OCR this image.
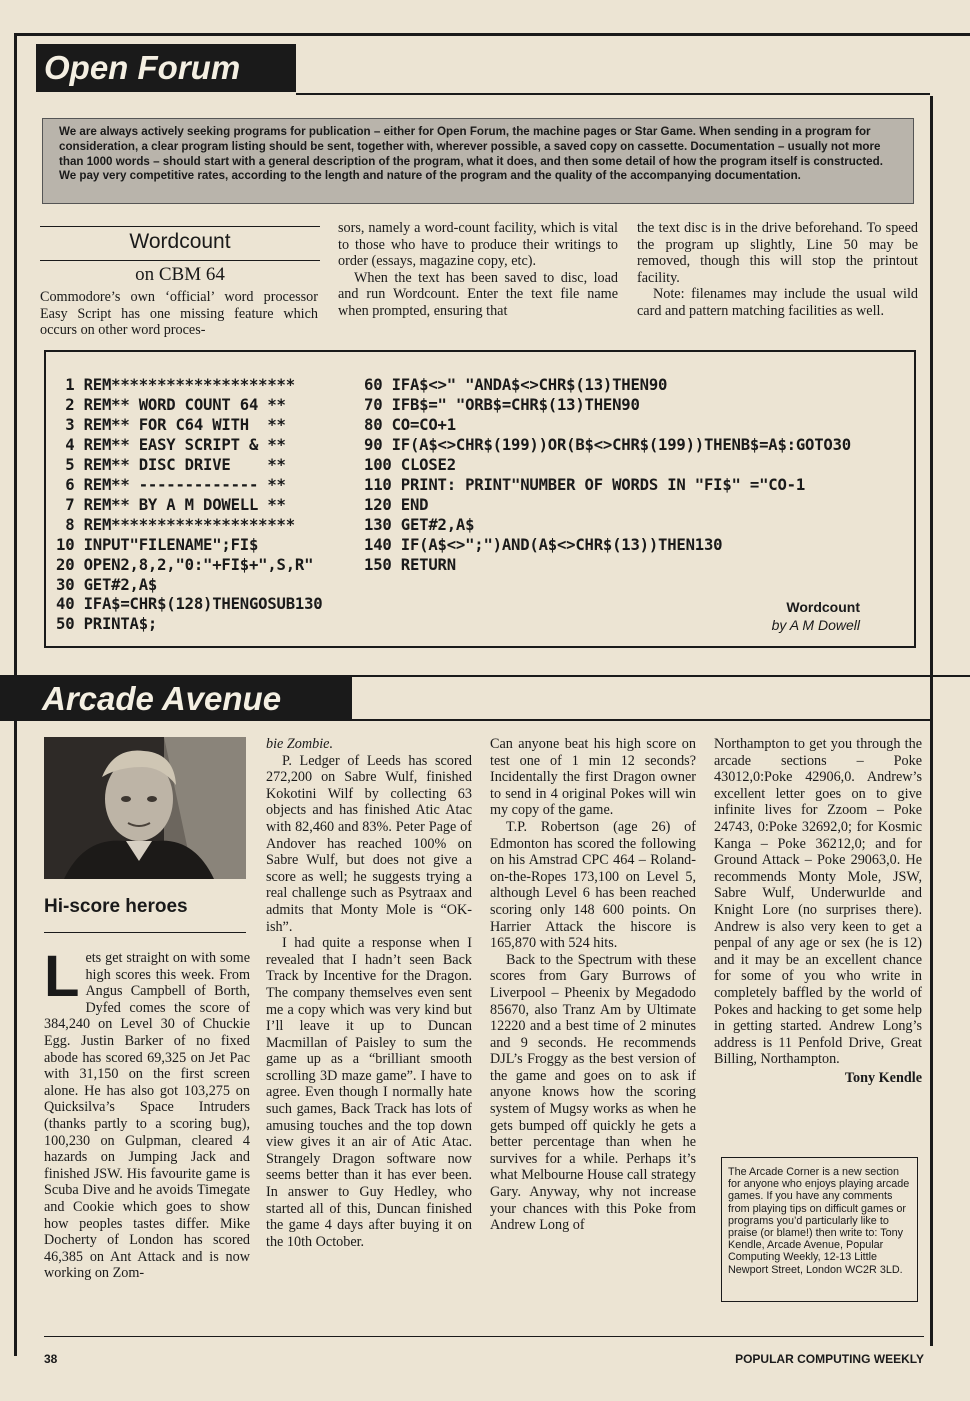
Open Forum
We are always actively seeking programs for publication – either for Open Forum, the machine pages or Star Game. When sending in a program for consideration, a clear program listing should be sent, together with, wherever possible, a saved copy on cassette. Documentation – usually not more than 1000 words – should start with a general description of the program, what it does, and then some detail of how the program itself is constructed. We pay very competitive rates, according to the length and nature of the program and the quality of the accompanying documentation.
Wordcount
on CBM 64

Commodore’s own ‘official’ word processor Easy Script has one missing feature which occurs on other word proces-

sors, namely a word-count facility, which is vital to those who have to produce their writings to order (essays, magazine copy, etc).

When the text has been saved to disc, load and run Wordcount. Enter the text file name when prompted, ensuring that

the text disc is in the drive beforehand. To speed the program up slightly, Line 50 may be removed, though this will stop the printout facility.

Note: filenames may include the usual wild card and pattern matching facilities as well.

1 REM********************
2 REM** WORD COUNT 64 **
3 REM** FOR C64 WITH  **
4 REM** EASY SCRIPT & **
5 REM** DISC DRIVE    **
6 REM** ------------- **
7 REM** BY A M DOWELL **
8 REM********************
10 INPUT"FILENAME";FI$
20 OPEN2,8,2,"0:"+FI$+",S,R"
30 GET#2,A$
40 IFA$=CHR$(128)THENGOSUB130
50 PRINTA$;
60 IFA$<>" "ANDA$<>CHR$(13)THEN90
70 IFB$=" "ORB$=CHR$(13)THEN90
80 CO=CO+1
90 IF(A$<>CHR$(199))OR(B$<>CHR$(199))THENB$=A$:GOTO30
100 CLOSE2
110 PRINT: PRINT"NUMBER OF WORDS IN "FI$" ="CO-1
120 END
130 GET#2,A$
140 IF(A$<>";")AND(A$<>CHR$(13))THEN130
150 RETURN
Wordcount
by A M Dowell
Arcade Avenue
Hi-score heroes

Lets get straight on with some high scores this week. From Angus Campbell of Borth, Dyfed comes the score of 384,240 on Level 30 of Chuckie Egg. Justin Barker of no fixed abode has scored 69,325 on Jet Pac with 31,150 on the first screen alone. He has also got 103,275 on Quicksilva’s Space Intruders (thanks partly to a scoring bug), 100,230 on Gulpman, cleared 4 hazards on Jumping Jack and finished JSW. His favourite game is Scuba Dive and he avoids Timegate and Cookie which goes to show how peoples tastes differ. Mike Docherty of London has scored 46,385 on Ant Attack and is now working on Zom-

bie Zombie.

P. Ledger of Leeds has scored 272,200 on Sabre Wulf, finished Kokotini Wilf by collecting 63 objects and has finished Atic Atac with 82,460 and 83%. Peter Page of Andover has reached 100% on Sabre Wulf, but does not give a score as well; he suggests trying a real challenge such as Psytraax and admits that Monty Mole is “OK-ish”.

I had quite a response when I revealed that I hadn’t seen Back Track by Incentive for the Dragon. The company themselves even sent me a copy which was very kind but I’ll leave it up to Duncan Macmillan of Paisley to sum the game up as a “brilliant smooth scrolling 3D maze game”. I have to agree. Even though I normally hate such games, Back Track has lots of amusing touches and the top down view gives it an air of Atic Atac. Strangely Dragon software now seems better than it has ever been. In answer to Guy Hedley, who started all of this, Duncan finished the game 4 days after buying it on the 10th October.

Can anyone beat his high score on test one of 1 min 12 seconds? Incidentally the first Dragon owner to send in 4 original Pokes will win my copy of the game.

T.P. Robertson (age 26) of Edmonton has scored the following on his Amstrad CPC 464 – Roland-on-the-Ropes 173,100 on Level 5, although Level 6 has been reached scoring only 148 600 points. On Harrier Attack the hiscore is 165,870 with 524 hits.

Back to the Spectrum with these scores from Gary Burrows of Liverpool – Pheenix by Megadodo 85670, also Tranz Am by Ultimate 12220 and a best time of 2 minutes and 9 seconds. He recommends DJL’s Froggy as the best version of the game and goes on to ask if anyone knows how the scoring system of Mugsy works as when he gets bumped off quickly he gets a better percentage than when he survives for a while. Perhaps it’s what Melbourne House call strategy Gary. Anyway, why not increase your chances with this Poke from Andrew Long of

Northampton to get you through the arcade sections – Poke 43012,0:Poke 42906,0. Andrew’s excellent letter goes on to give infinite lives for Zzoom – Poke 24743, 0:Poke 32692,0; for Kosmic Kanga – Poke 36212,0; and for Ground Attack – Poke 29063,0. He recommends Monty Mole, JSW, Sabre Wulf, Underwurlde and Knight Lore (no surprises there). Andrew is also very keen to get a penpal of any age or sex (he is 12) and it may be an excellent chance for some of you who write in completely baffled by the world of Pokes and hacking to get some help in getting started. Andrew Long’s address is 11 Penfold Drive, Great Billing, Northampton.

Tony Kendle

The Arcade Corner is a new section for anyone who enjoys playing arcade games. If you have any comments from playing tips on difficult games or programs you’d particularly like to praise (or blame!) then write to: Tony Kendle, Arcade Avenue, Popular Computing Weekly, 12-13 Little Newport Street, London WC2R 3LD.
38	POPULAR COMPUTING WEEKLY
